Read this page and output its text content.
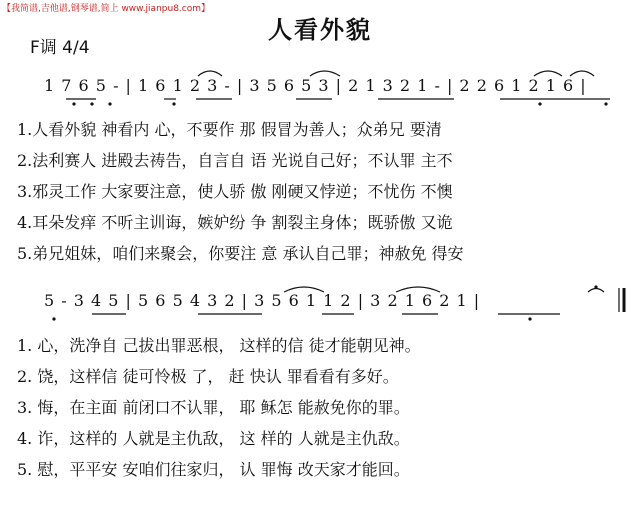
【我简谱,吉他谱,钢琴谱,简上 www.jianpu8.com】
人看外貌
F调 4/4
1 7 6 5 - | 1 6 1 2 3 - | 3 5 6 5 3 | 2 1 3 2 1 - | 2 2 6 1 2 1 6 |
1.人看外貌 神看内 心，不要作 那 假冒为善人；众弟兄 要清
2.法利赛人 进殿去祷告，自言自 语 光说自己好；不认罪 主不
3.邪灵工作 大家要注意，使人骄 傲 刚硬又悖逆；不忧伤 不懊
4.耳朵发痒 不听主训诲，嫉妒纷 争 割裂主身体；既骄傲 又诡
5.弟兄姐妹，咱们来聚会，你要注 意 承认自己罪；神赦免 得安
5 - 3 4 5 | 5 6 5 4 3 2 | 3 5 6 1 1 2 | 3 2 1 6 2 1 |
1. 心，洗净自 己拔出罪恶根， 这样的信 徒才能朝见神。
2. 饶，这样信 徒可怜极 了， 赶 快认 罪看看有多好。
3. 悔，在主面 前闭口不认罪， 耶 稣怎 能赦免你的罪。
4. 诈，这样的 人就是主仇敌， 这 样的 人就是主仇敌。
5. 慰，平平安 安咱们往家归， 认 罪悔 改天家才能回。
